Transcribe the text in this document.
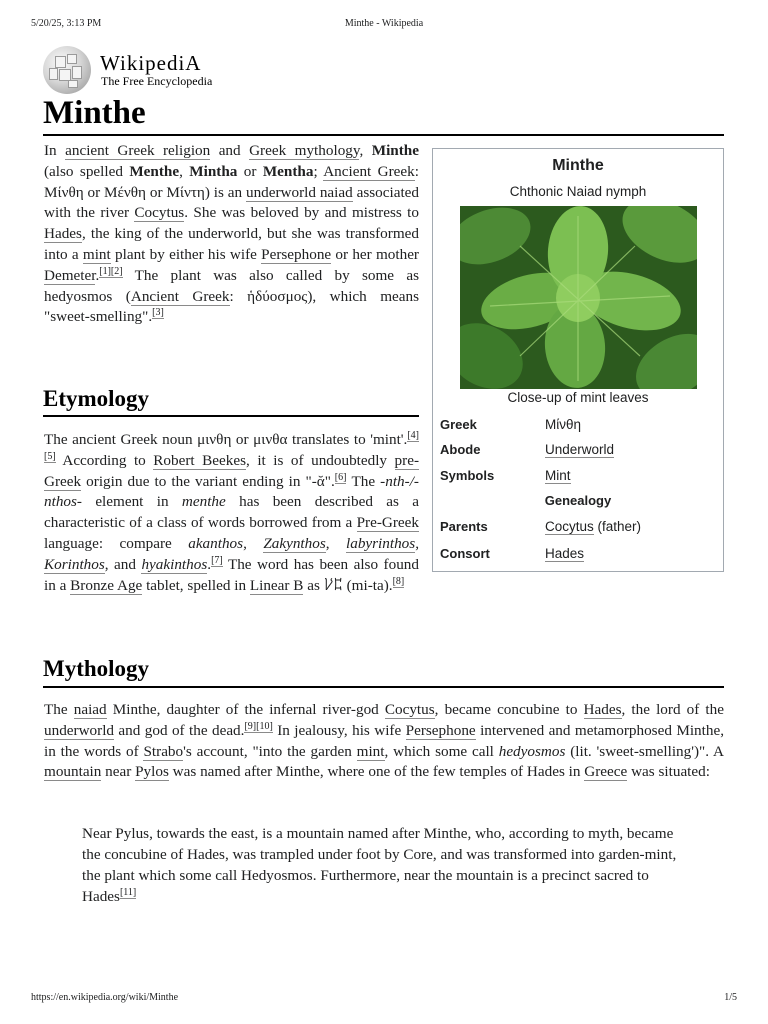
5/20/25, 3:13 PM	Minthe - Wikipedia
WikipediA
The Free Encyclopedia
Minthe

In ancient Greek religion and Greek mythology, Minthe (also spelled Menthe, Mintha or Mentha; Ancient Greek: Μίνθη or Μένθη or Μίντη) is an underworld naiad associated with the river Cocytus. She was beloved by and mistress to Hades, the king of the underworld, but she was transformed into a mint plant by either his wife Persephone or her mother Demeter.[1][2] The plant was also called by some as hedyosmos (Ancient Greek: ἡδύοσμος), which means "sweet-smelling".[3]

Etymology

The ancient Greek noun μινθη or μινθα translates to 'mint'.[4][5] According to Robert Beekes, it is of undoubtedly pre-Greek origin due to the variant ending in "-ᾰ".[6] The -nth-/-nthos- element in menthe has been described as a characteristic of a class of words borrowed from a Pre-Greek language: compare akanthos, Zakynthos, labyrinthos, Korinthos, and hyakinthos.[7] The word has been also found in a Bronze Age tablet, spelled in Linear B as 𐀖𐀲 (mi-ta).[8]

Mythology

The naiad Minthe, daughter of the infernal river-god Cocytus, became concubine to Hades, the lord of the underworld and god of the dead.[9][10] In jealousy, his wife Persephone intervened and metamorphosed Minthe, in the words of Strabo's account, "into the garden mint, which some call hedyosmos (lit. 'sweet-smelling')". A mountain near Pylos was named after Minthe, where one of the few temples of Hades in Greece was situated:

Near Pylus, towards the east, is a mountain named after Minthe, who, according to myth, became the concubine of Hades, was trampled under foot by Core, and was transformed into garden-mint, the plant which some call Hedyosmos. Furthermore, near the mountain is a precinct sacred to Hades[11]

Minthe
Chthonic Naiad nymph
Close-up of mint leaves
Greek	Μίνθη
Abode	Underworld
Symbols	Mint
Genealogy
Parents	Cocytus (father)
Consort	Hades
https://en.wikipedia.org/wiki/Minthe	1/5
